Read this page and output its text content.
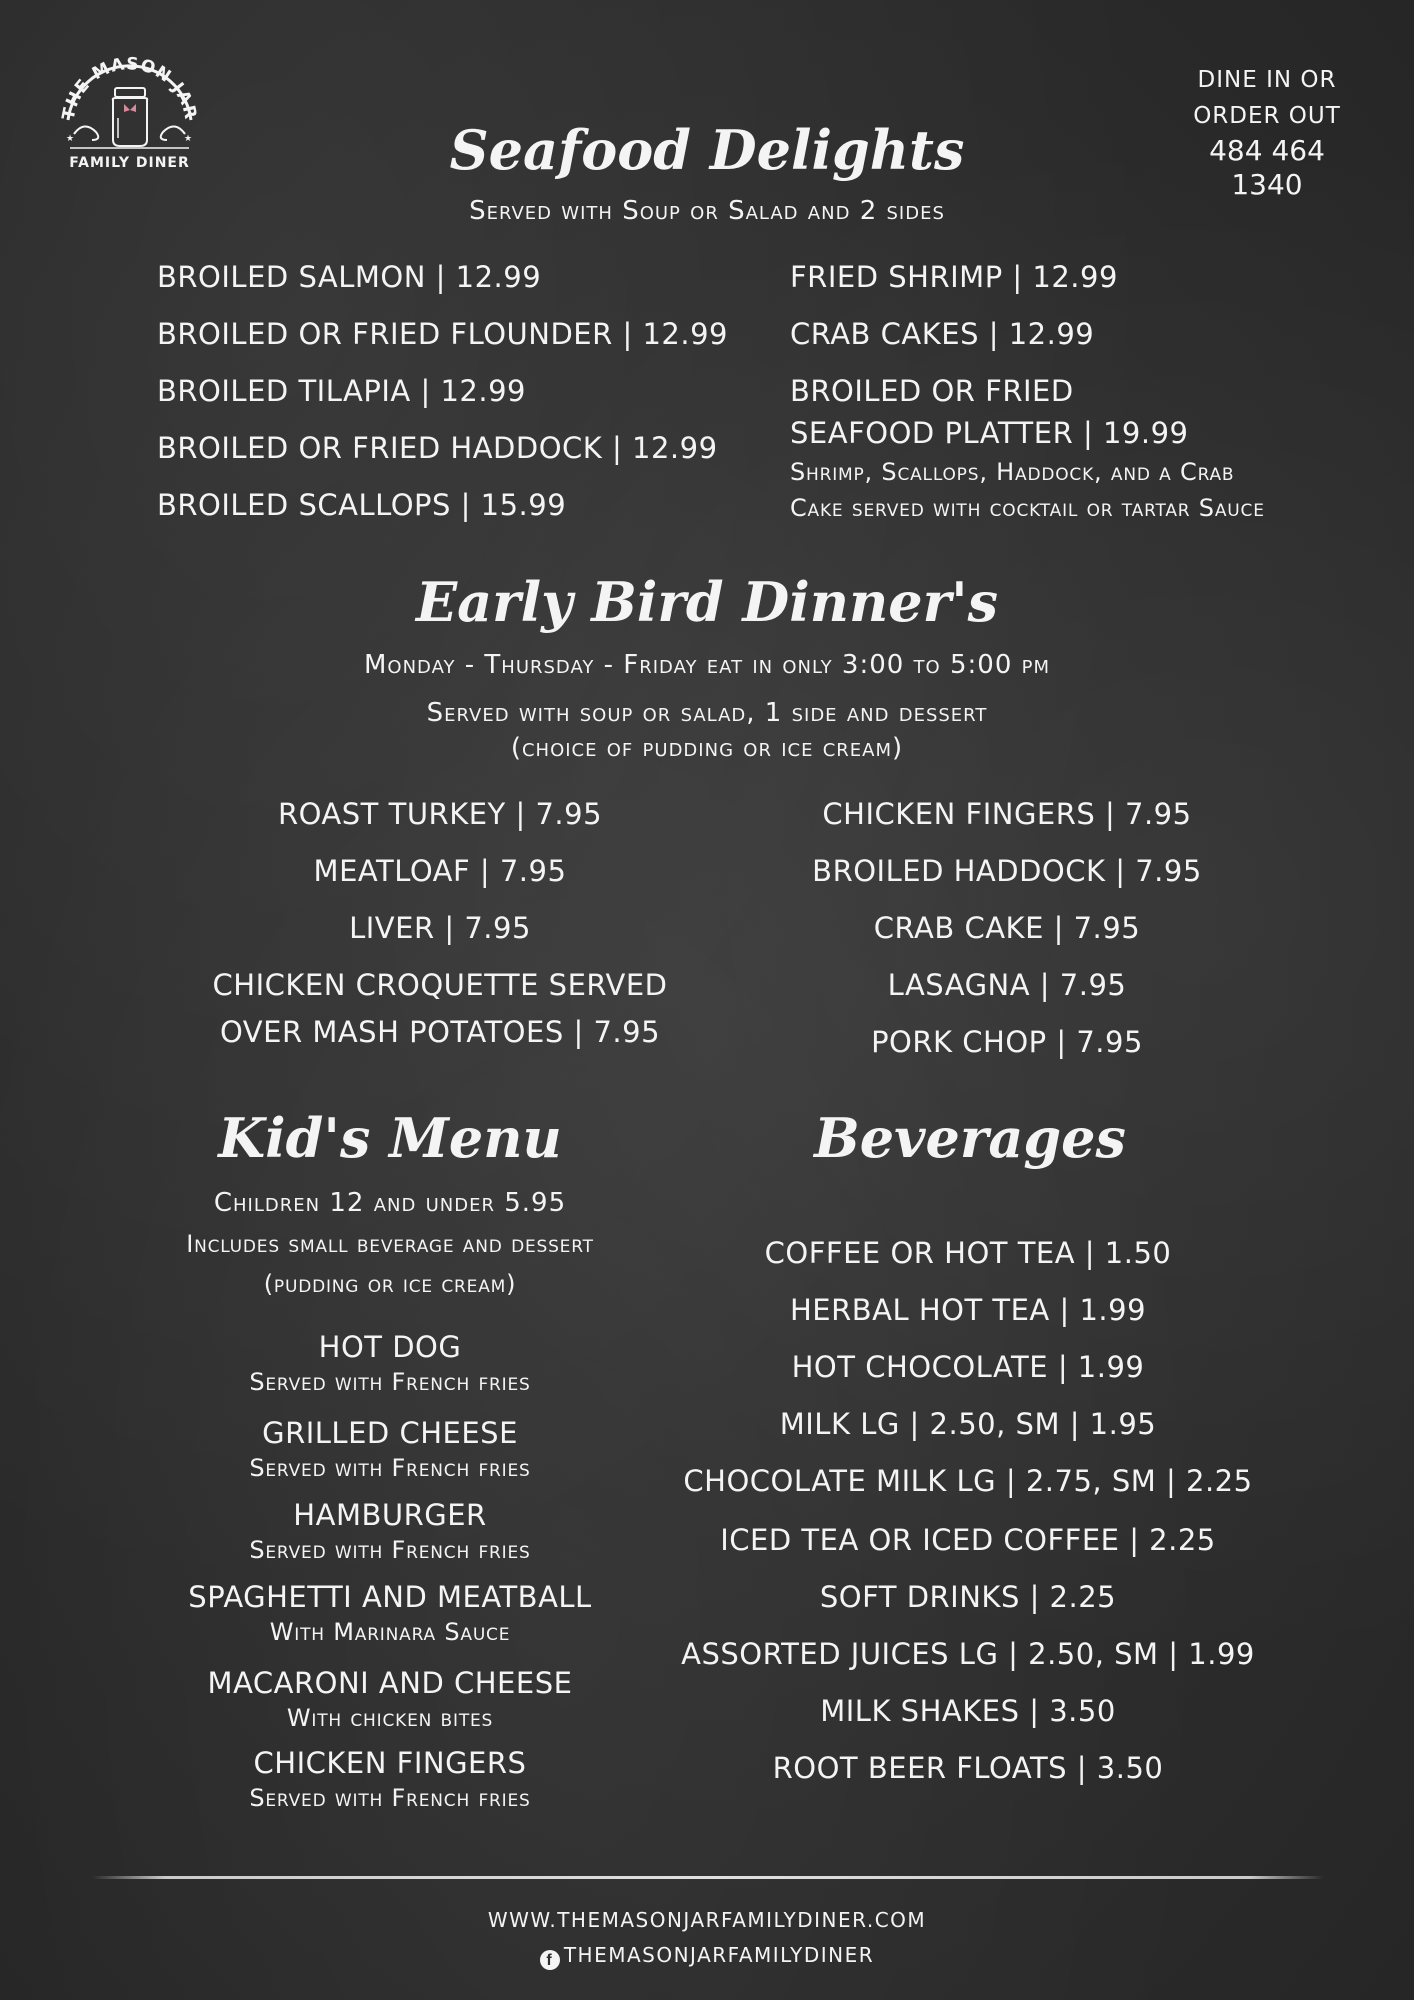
THE MASON JAR
★	★
FAMILY DINER
DINE IN OR
ORDER OUT
484 464 1340
Seafood Delights
Served with Soup or Salad and 2 sides
BROILED SALMON | 12.99
BROILED OR FRIED FLOUNDER | 12.99
BROILED TILAPIA | 12.99
BROILED OR FRIED HADDOCK | 12.99
BROILED SCALLOPS | 15.99
FRIED SHRIMP | 12.99
CRAB CAKES | 12.99
BROILED OR FRIED
SEAFOOD PLATTER | 19.99
Shrimp, Scallops, Haddock, and a Crab
Cake served with cocktail or tartar Sauce
Early Bird Dinner's
Monday - Thursday - Friday eat in only 3:00 to 5:00 pm
Served with soup or salad, 1 side and dessert
(choice of pudding or ice cream)
ROAST TURKEY | 7.95
MEATLOAF | 7.95
LIVER | 7.95
CHICKEN CROQUETTE SERVED
OVER MASH POTATOES | 7.95
CHICKEN FINGERS | 7.95
BROILED HADDOCK | 7.95
CRAB CAKE | 7.95
LASAGNA | 7.95
PORK CHOP | 7.95
Kid's Menu
Children 12 and under 5.95
Includes small beverage and dessert
(pudding or ice cream)
HOT DOG
Served with French fries
GRILLED CHEESE
Served with French fries
HAMBURGER
Served with French fries
SPAGHETTI AND MEATBALL
With Marinara Sauce
MACARONI AND CHEESE
With chicken bites
CHICKEN FINGERS
Served with French fries
Beverages
COFFEE OR HOT TEA | 1.50
HERBAL HOT TEA | 1.99
HOT CHOCOLATE | 1.99
MILK LG | 2.50, SM | 1.95
CHOCOLATE MILK LG | 2.75, SM | 2.25
ICED TEA OR ICED COFFEE | 2.25
SOFT DRINKS | 2.25
ASSORTED JUICES LG | 2.50, SM | 1.99
MILK SHAKES | 3.50
ROOT BEER FLOATS | 3.50
WWW.THEMASONJARFAMILYDINER.COM
f THEMASONJARFAMILYDINER
